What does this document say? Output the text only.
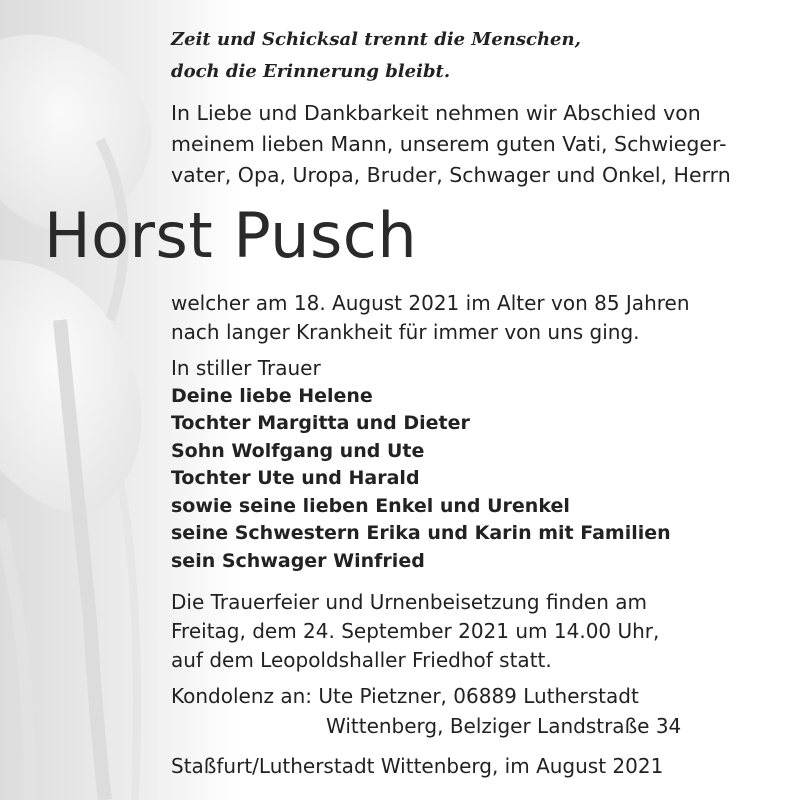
Zeit und Schicksal trennt die Menschen,
doch die Erinnerung bleibt.
In Liebe und Dankbarkeit nehmen wir Abschied von
meinem lieben Mann, unserem guten Vati, Schwieger-
vater, Opa, Uropa, Bruder, Schwager und Onkel, Herrn
Horst Pusch
welcher am 18. August 2021 im Alter von 85 Jahren
nach langer Krankheit für immer von uns ging.
In stiller Trauer
Deine liebe Helene
Tochter Margitta und Dieter
Sohn Wolfgang und Ute
Tochter Ute und Harald
sowie seine lieben Enkel und Urenkel
seine Schwestern Erika und Karin mit Familien
sein Schwager Winfried
Die Trauerfeier und Urnenbeisetzung finden am
Freitag, dem 24. September 2021 um 14.00 Uhr,
auf dem Leopoldshaller Friedhof statt.
Kondolenz an: Ute Pietzner, 06889 Lutherstadt
Wittenberg, Belziger Landstraße 34
Staßfurt/Lutherstadt Wittenberg, im August 2021
